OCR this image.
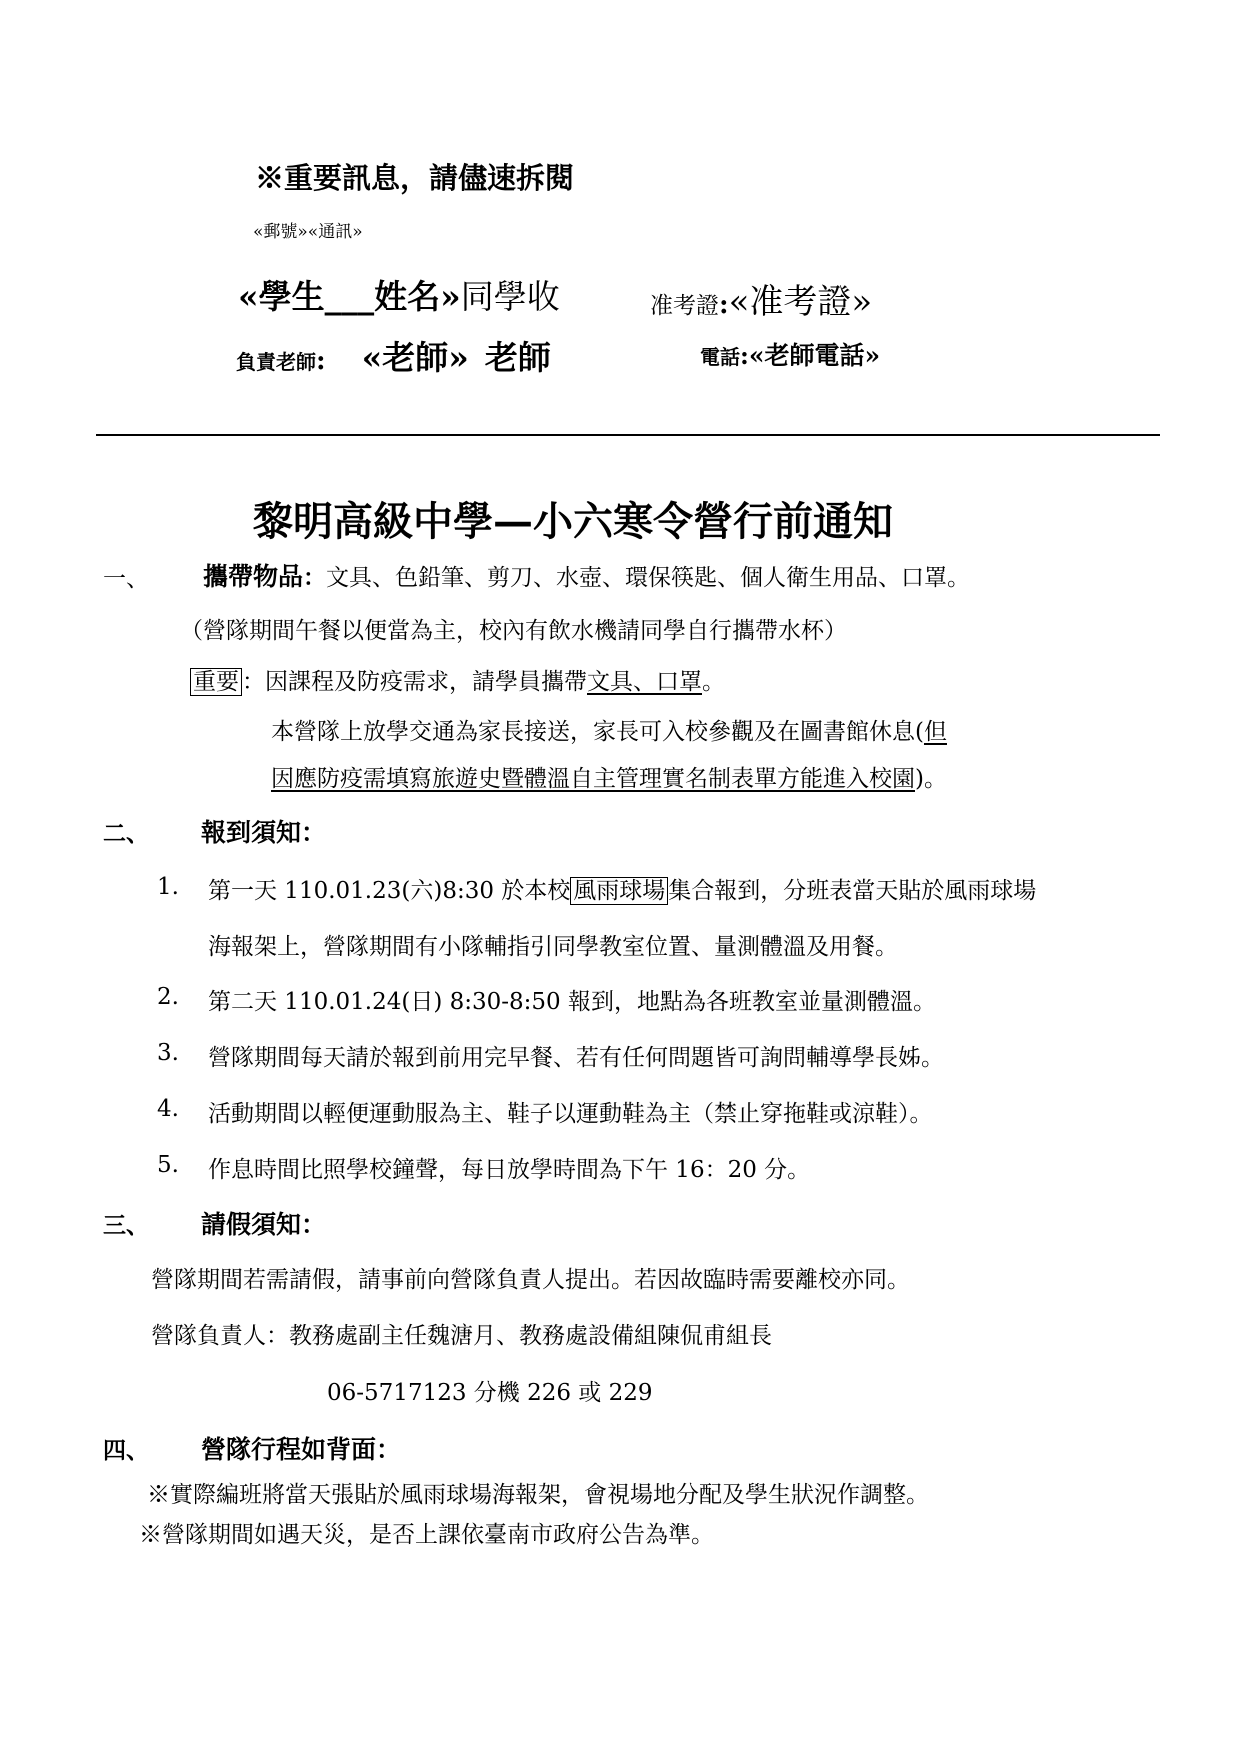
※重要訊息，請儘速拆閱
«郵號»«通訊»
«學生___姓名»同學收	准考證:«准考證»
負責老師: «老師» 老師	電話:«老師電話»
黎明高級中學—小六寒令營行前通知
一、 攜帶物品：文具、色鉛筆、剪刀、水壺、環保筷匙、個人衛生用品、口罩。
（營隊期間午餐以便當為主，校內有飲水機請同學自行攜帶水杯）
重要 ：因課程及防疫需求，請學員攜帶文具、口罩。
本營隊上放學交通為家長接送，家長可入校參觀及在圖書館休息(但
因應防疫需填寫旅遊史暨體溫自主管理實名制表單方能進入校園)。
二、 報到須知：
1. 第一天 110.01.23(六)8:30 於本校 風雨球場 集合報到，分班表當天貼於風雨球場
海報架上，營隊期間有小隊輔指引同學教室位置、量測體溫及用餐。
2. 第二天 110.01.24(日) 8:30-8:50 報到，地點為各班教室並量測體溫。
3. 營隊期間每天請於報到前用完早餐、若有任何問題皆可詢問輔導學長姊。
4. 活動期間以輕便運動服為主、鞋子以運動鞋為主（禁止穿拖鞋或涼鞋）。
5. 作息時間比照學校鐘聲，每日放學時間為下午 16：20 分。
三、 請假須知：
營隊期間若需請假，請事前向營隊負責人提出。若因故臨時需要離校亦同。
營隊負責人：教務處副主任魏溏月、教務處設備組陳侃甫組長
06-5717123 分機 226 或 229
四、 營隊行程如背面：
※實際編班將當天張貼於風雨球場海報架，會視場地分配及學生狀況作調整。
※營隊期間如遇天災，是否上課依臺南市政府公告為準。
